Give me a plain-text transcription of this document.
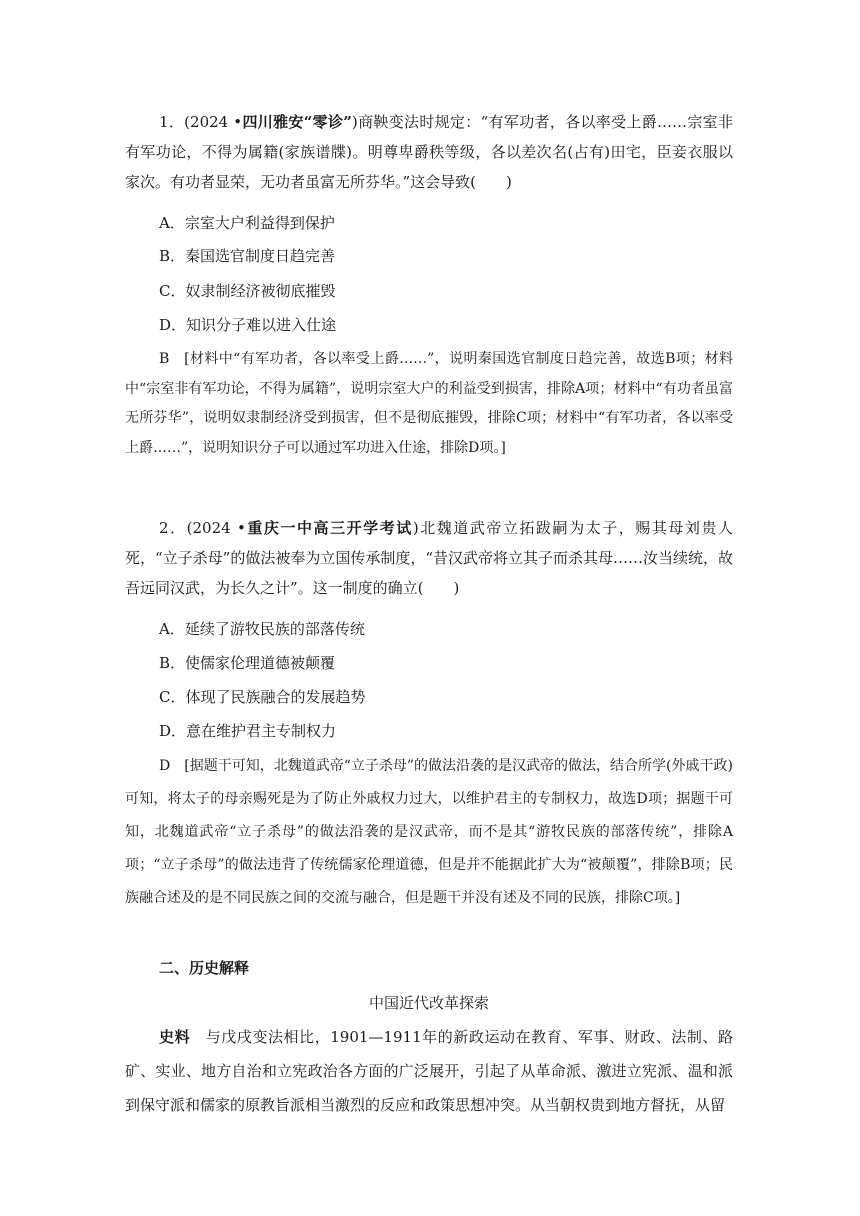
1．(2024 •四川雅安“零诊”)商鞅变法时规定：“有军功者，各以率受上爵……宗室非有军功论，不得为属籍(家族谱牒)。明尊卑爵秩等级，各以差次名(占有)田宅，臣妾衣服以家次。有功者显荣，无功者虽富无所芬华。”这会导致(　　)

A．宗室大户利益得到保护

B．秦国选官制度日趋完善

C．奴隶制经济被彻底摧毁

D．知识分子难以进入仕途

B　[材料中“有军功者，各以率受上爵……”，说明秦国选官制度日趋完善，故选B项；材料中“宗室非有军功论，不得为属籍”，说明宗室大户的利益受到损害，排除A项；材料中“有功者虽富无所芬华”，说明奴隶制经济受到损害，但不是彻底摧毁，排除C项；材料中“有军功者，各以率受上爵……”，说明知识分子可以通过军功进入仕途，排除D项。]

2．(2024 •重庆一中高三开学考试)北魏道武帝立拓跋嗣为太子，赐其母刘贵人死，“立子杀母”的做法被奉为立国传承制度，“昔汉武帝将立其子而杀其母……汝当续统，故吾远同汉武，为长久之计”。这一制度的确立(　　)

A．延续了游牧民族的部落传统

B．使儒家伦理道德被颠覆

C．体现了民族融合的发展趋势

D．意在维护君主专制权力

D　[据题干可知，北魏道武帝“立子杀母”的做法沿袭的是汉武帝的做法，结合所学(外戚干政)可知，将太子的母亲赐死是为了防止外戚权力过大，以维护君主的专制权力，故选D项；据题干可知，北魏道武帝“立子杀母”的做法沿袭的是汉武帝，而不是其“游牧民族的部落传统”，排除A项；“立子杀母”的做法违背了传统儒家伦理道德，但是并不能据此扩大为“被颠覆”，排除B项；民族融合述及的是不同民族之间的交流与融合，但是题干并没有述及不同的民族，排除C项。]

二、历史解释
中国近代改革探索

史料　与戊戌变法相比，1901—1911年的新政运动在教育、军事、财政、法制、路矿、实业、地方自治和立宪政治各方面的广泛展开，引起了从革命派、激进立宪派、温和派到保守派和儒家的原教旨派相当激烈的反应和政策思想冲突。从当朝权贵到地方督抚，从留
